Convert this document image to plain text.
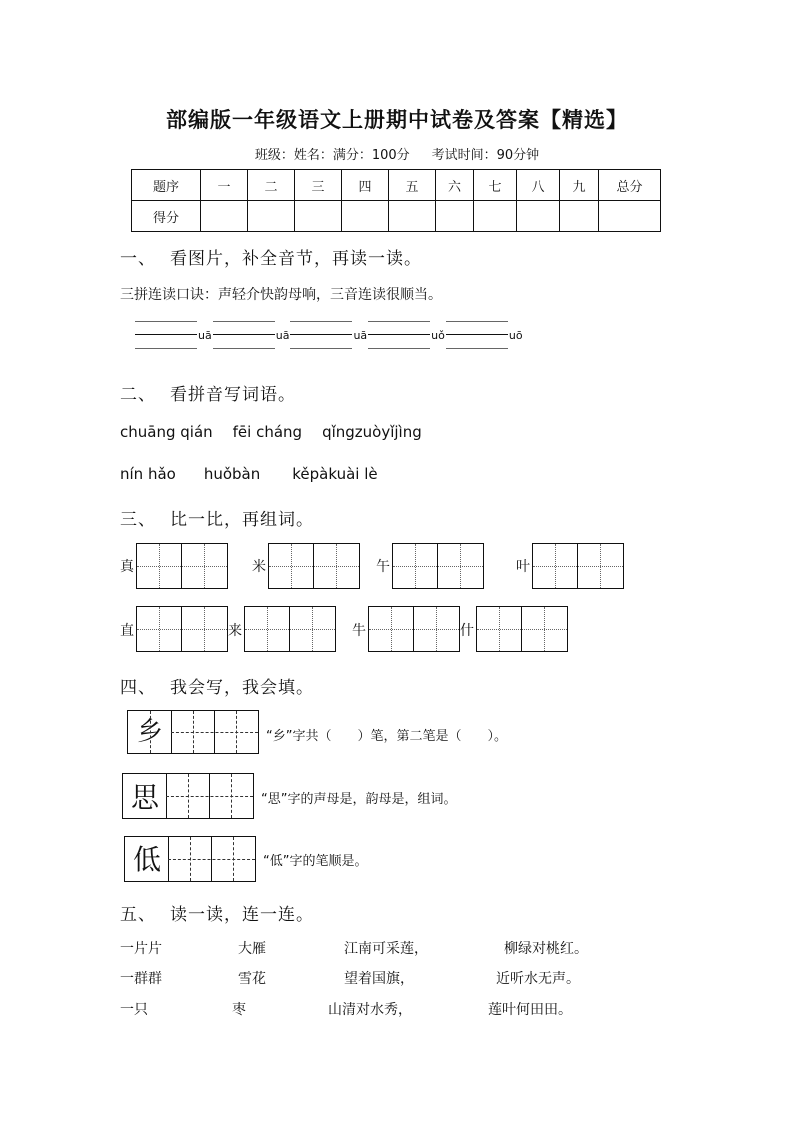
部编版一年级语文上册期中试卷及答案【精选】
班级：姓名：满分：100分 考试时间：90分钟
题序	一	二	三	四	五	六	七	八	九	总分
得分										
一、 看图片，补全音节，再读一读。
三拼连读口诀：声轻介快韵母响，三音连读很顺当。
uā	uā	uā	uǒ	uō
二、 看拼音写词语。
chuāng qián fēi cháng qǐngzuòyǐjìng
nín hǎo huǒbàn kěpàkuài lè
三、 比一比，再组词。
真	米	午	叶
直	来	牛	什
四、 我会写，我会填。
乡	“乡”字共（　　）笔，第二笔是（　　）。
思	“思”字的声母是，韵母是，组词。
低	“低”字的笔顺是。
五、 读一读，连一连。
一片片	大雁	江南可采莲，	柳绿对桃红。
一群群	雪花	望着国旗，	近听水无声。
一只	枣	山清对水秀，	莲叶何田田。
